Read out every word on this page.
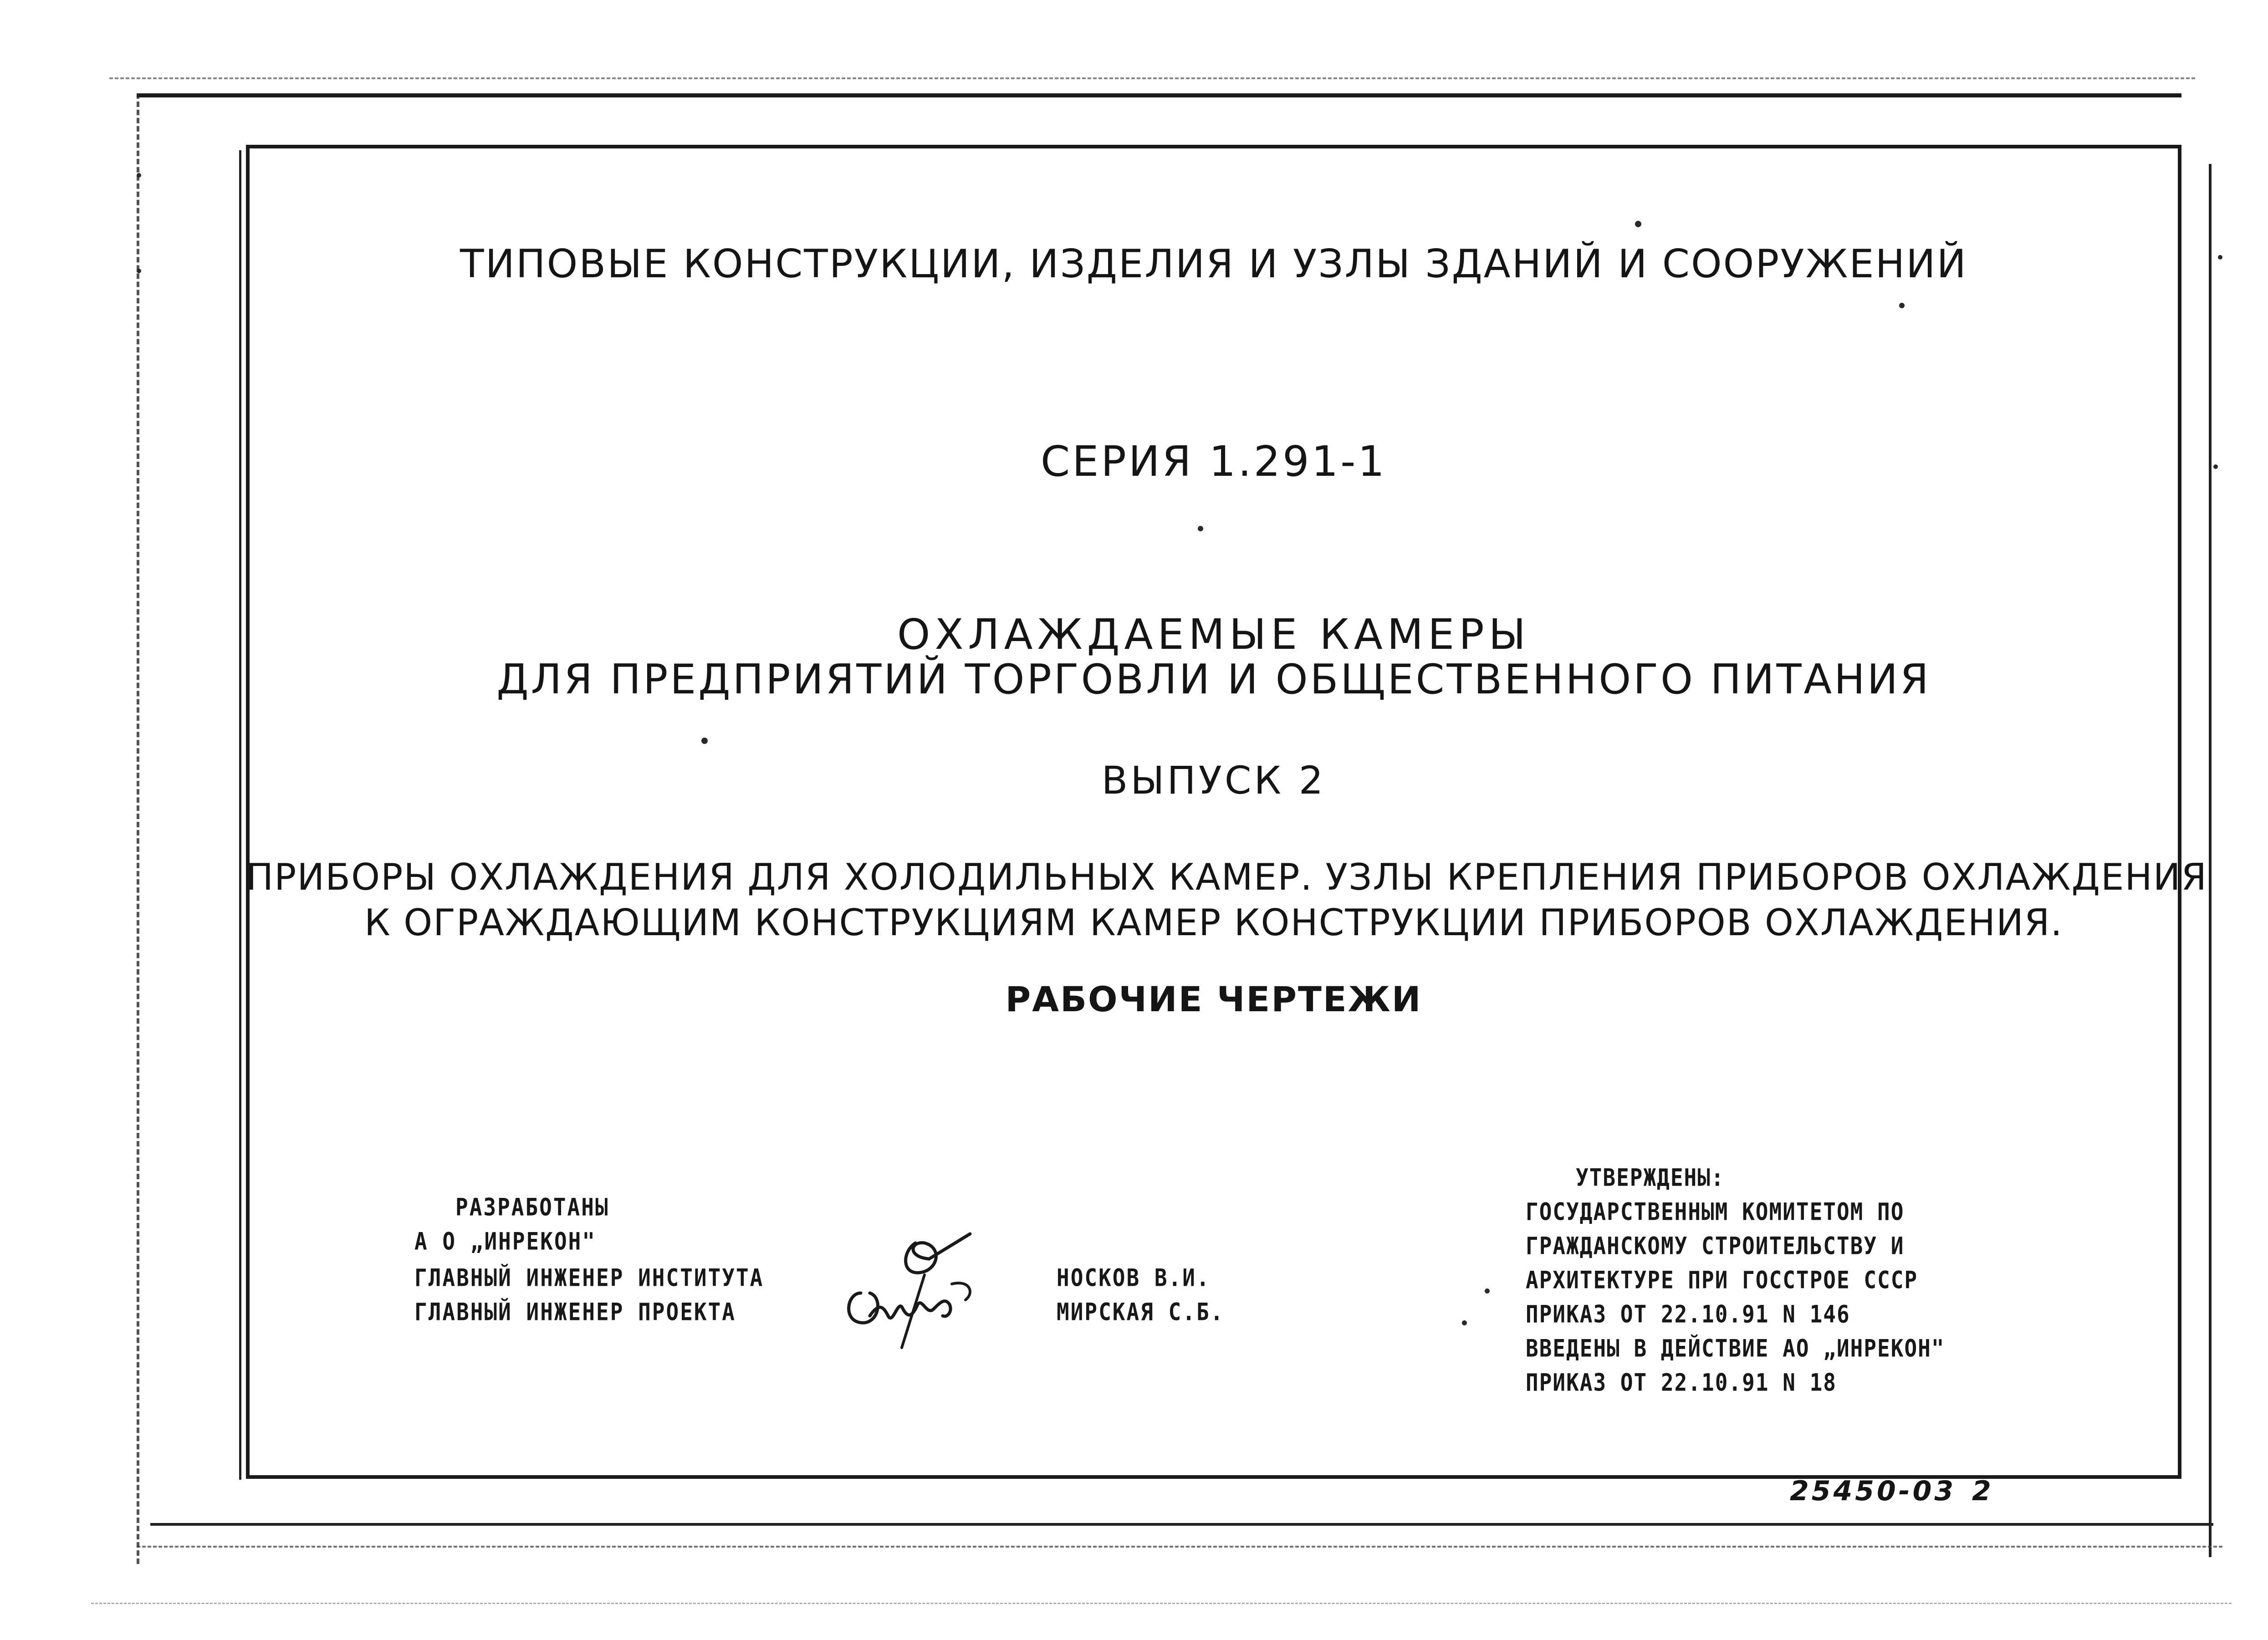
ТИПОВЫЕ КОНСТРУКЦИИ, ИЗДЕЛИЯ И УЗЛЫ ЗДАНИЙ И СООРУЖЕНИЙ
СЕРИЯ 1.291-1
ОХЛАЖДАЕМЫЕ КАМЕРЫ
ДЛЯ ПРЕДПРИЯТИЙ ТОРГОВЛИ И ОБЩЕСТВЕННОГО ПИТАНИЯ
ВЫПУСК 2
ПРИБОРЫ ОХЛАЖДЕНИЯ ДЛЯ ХОЛОДИЛЬНЫХ КАМЕР. УЗЛЫ КРЕПЛЕНИЯ ПРИБОРОВ ОХЛАЖДЕНИЯ
К ОГРАЖДАЮЩИМ КОНСТРУКЦИЯМ КАМЕР КОНСТРУКЦИИ ПРИБОРОВ ОХЛАЖДЕНИЯ.
РАБОЧИЕ ЧЕРТЕЖИ
РАЗРАБОТАНЫ
А О „ИНРЕКОН"
ГЛАВНЫЙ ИНЖЕНЕР ИНСТИТУТА
ГЛАВНЫЙ ИНЖЕНЕР ПРОЕКТА
НОСКОВ В.И.
МИРСКАЯ С.Б.
УТВЕРЖДЕНЫ:
ГОСУДАРСТВЕННЫМ КОМИТЕТОМ ПО
ГРАЖДАНСКОМУ СТРОИТЕЛЬСТВУ И
АРХИТЕКТУРЕ ПРИ ГОССТРОЕ СССР
ПРИКАЗ ОТ 22.10.91 N 146
ВВЕДЕНЫ В ДЕЙСТВИЕ АО „ИНРЕКОН"
ПРИКАЗ ОТ 22.10.91 N 18
25450-03 2
